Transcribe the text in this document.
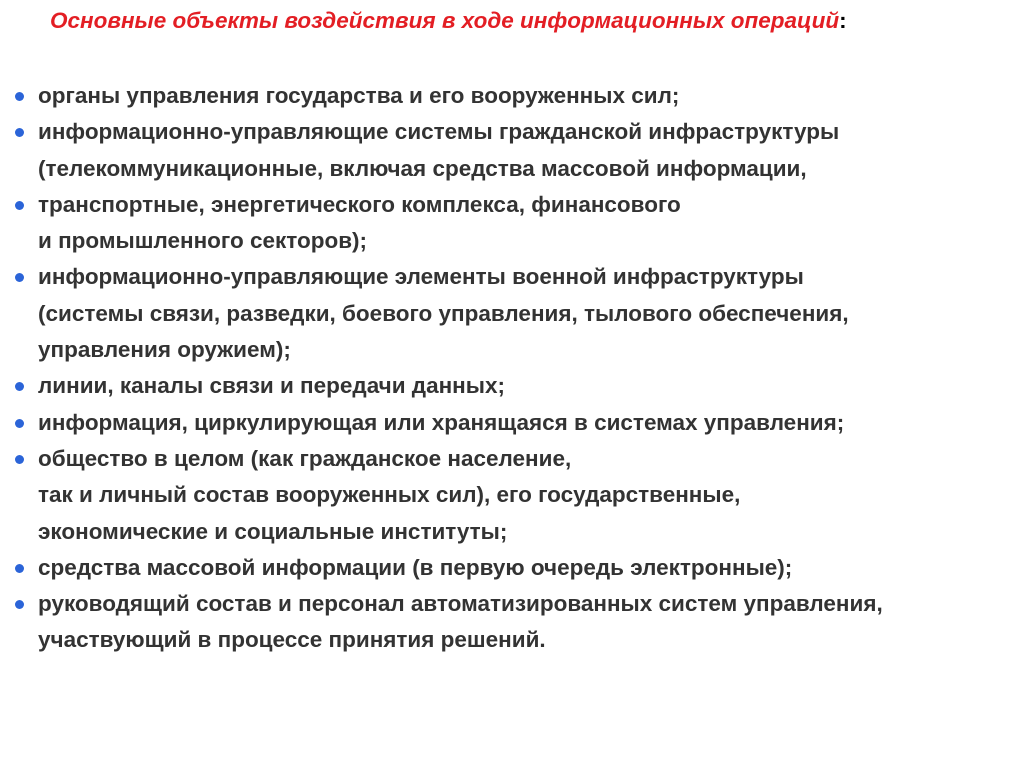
Основные объекты воздействия в ходе информационных операций:
органы управления государства и его вооруженных сил;
информационно-управляющие системы гражданской инфраструктуры
(телекоммуникационные, включая средства массовой информации,
транспортные, энергетического комплекса, финансового
и промышленного секторов);
информационно-управляющие элементы военной инфраструктуры
(системы связи, разведки, боевого управления, тылового обеспечения,
управления оружием);
линии, каналы связи и передачи данных;
информация, циркулирующая или хранящаяся в системах управления;
общество в целом (как гражданское население,
так и личный состав вооруженных сил), его государственные,
экономические и социальные институты;
средства массовой информации (в первую очередь электронные);
руководящий состав и персонал автоматизированных систем управления,
участвующий в процессе принятия решений.
